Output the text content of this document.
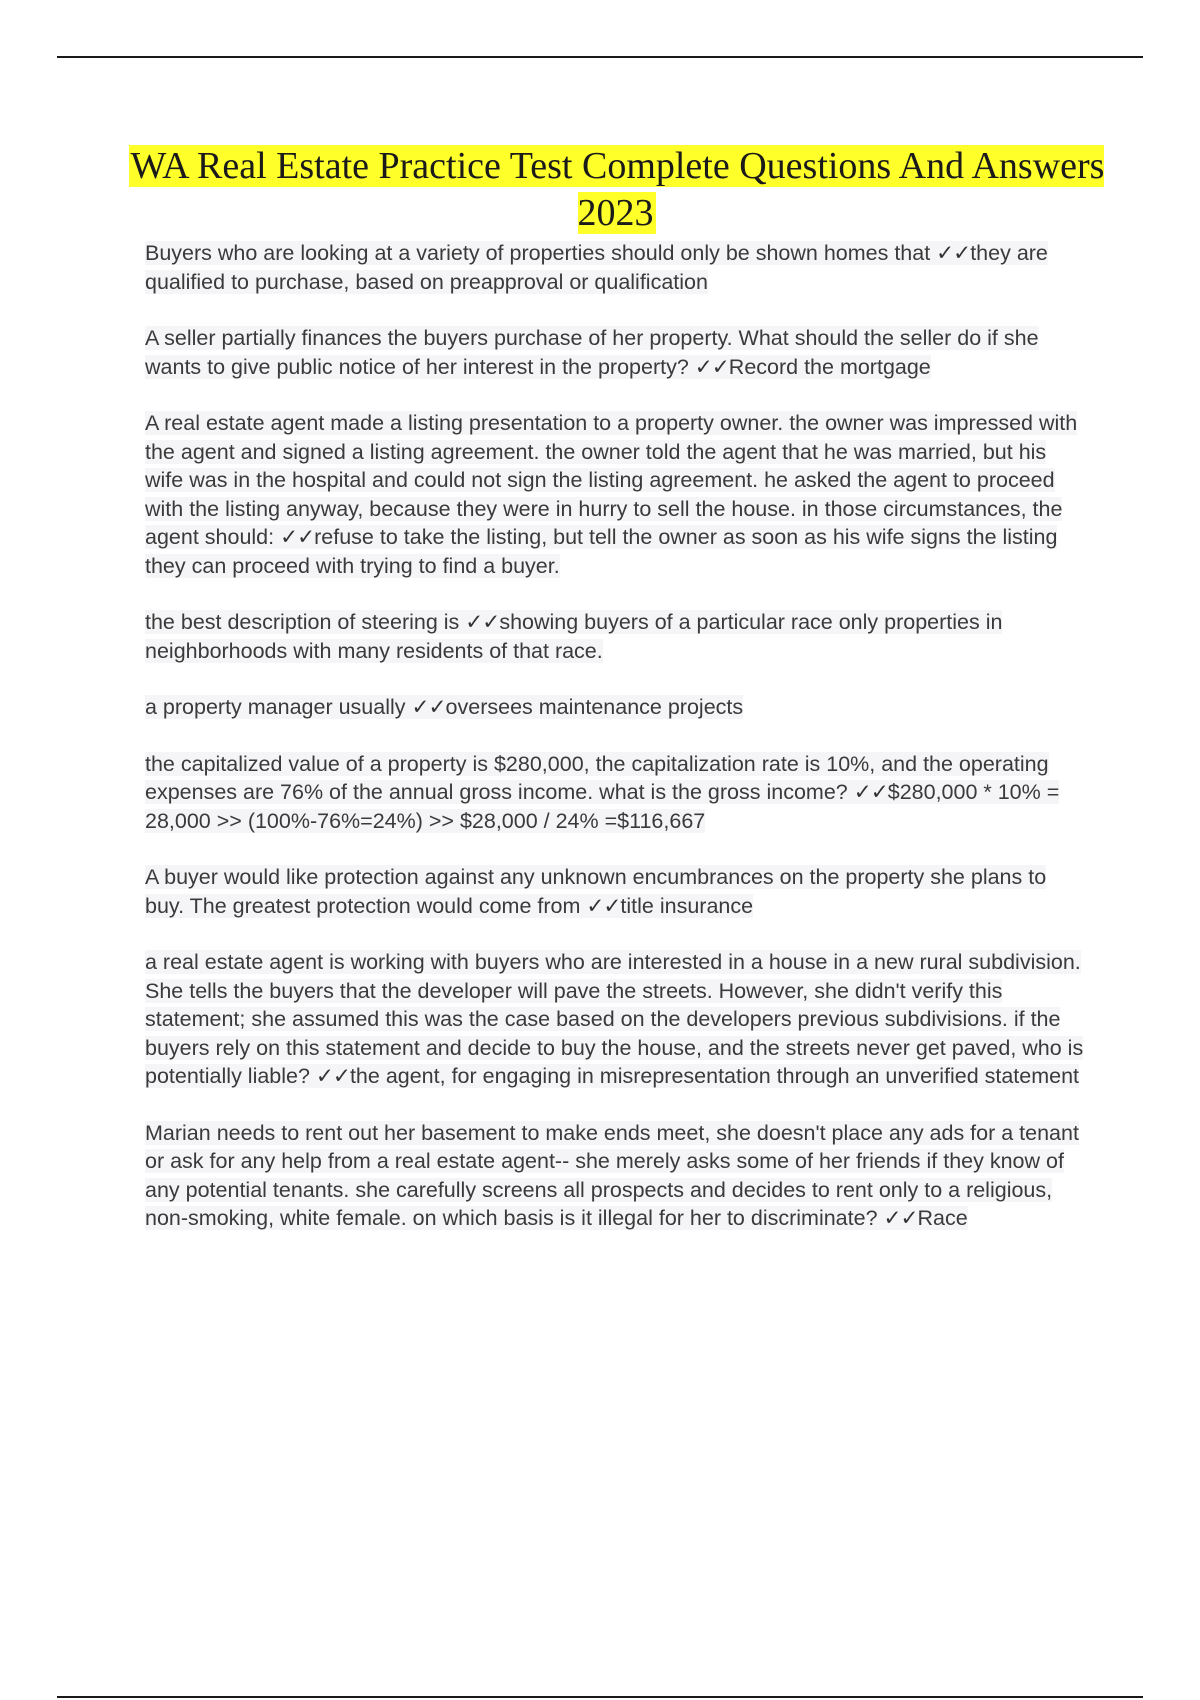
WA Real Estate Practice Test Complete Questions And Answers 2023

Buyers who are looking at a variety of properties should only be shown homes that ✓✓they are qualified to purchase, based on preapproval or qualification

A seller partially finances the buyers purchase of her property. What should the seller do if she wants to give public notice of her interest in the property? ✓✓Record the mortgage

A real estate agent made a listing presentation to a property owner. the owner was impressed with the agent and signed a listing agreement. the owner told the agent that he was married, but his wife was in the hospital and could not sign the listing agreement. he asked the agent to proceed with the listing anyway, because they were in hurry to sell the house. in those circumstances, the agent should: ✓✓refuse to take the listing, but tell the owner as soon as his wife signs the listing they can proceed with trying to find a buyer.

the best description of steering is ✓✓showing buyers of a particular race only properties in neighborhoods with many residents of that race.

a property manager usually ✓✓oversees maintenance projects

the capitalized value of a property is $280,000, the capitalization rate is 10%, and the operating expenses are 76% of the annual gross income. what is the gross income? ✓✓$280,000 * 10% = 28,000 >> (100%-76%=24%) >> $28,000 / 24% =$116,667

A buyer would like protection against any unknown encumbrances on the property she plans to buy. The greatest protection would come from ✓✓title insurance

a real estate agent is working with buyers who are interested in a house in a new rural subdivision. She tells the buyers that the developer will pave the streets. However, she didn't verify this statement; she assumed this was the case based on the developers previous subdivisions. if the buyers rely on this statement and decide to buy the house, and the streets never get paved, who is potentially liable? ✓✓the agent, for engaging in misrepresentation through an unverified statement

Marian needs to rent out her basement to make ends meet, she doesn't place any ads for a tenant or ask for any help from a real estate agent-- she merely asks some of her friends if they know of any potential tenants. she carefully screens all prospects and decides to rent only to a religious, non-smoking, white female. on which basis is it illegal for her to discriminate? ✓✓Race
